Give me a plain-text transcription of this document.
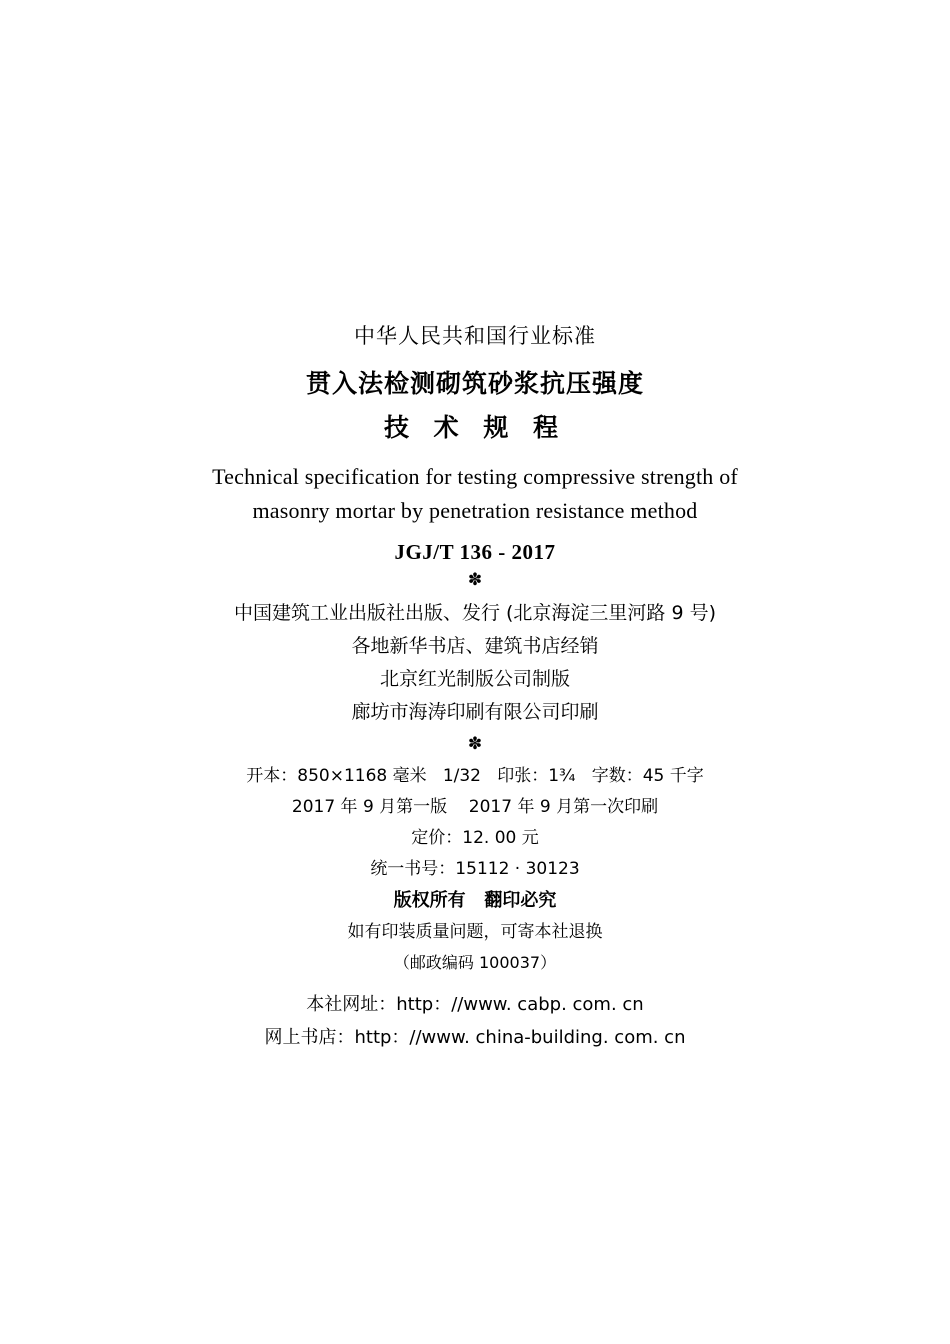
中华人民共和国行业标准
贯入法检测砌筑砂浆抗压强度
技 术 规 程
Technical specification for testing compressive strength of
masonry mortar by penetration resistance method
JGJ/T 136 - 2017
✽
中国建筑工业出版社出版、发行 (北京海淀三里河路 9 号)
各地新华书店、建筑书店经销
北京红光制版公司制版
廊坊市海涛印刷有限公司印刷
✽
开本：850×1168 毫米   1/32   印张：1¾   字数：45 千字
2017 年 9 月第一版    2017 年 9 月第一次印刷
定价：12. 00 元
统一书号：15112 · 30123
版权所有   翻印必究
如有印装质量问题，可寄本社退换
（邮政编码 100037）
本社网址：http：//www. cabp. com. cn
网上书店：http：//www. china-building. com. cn
